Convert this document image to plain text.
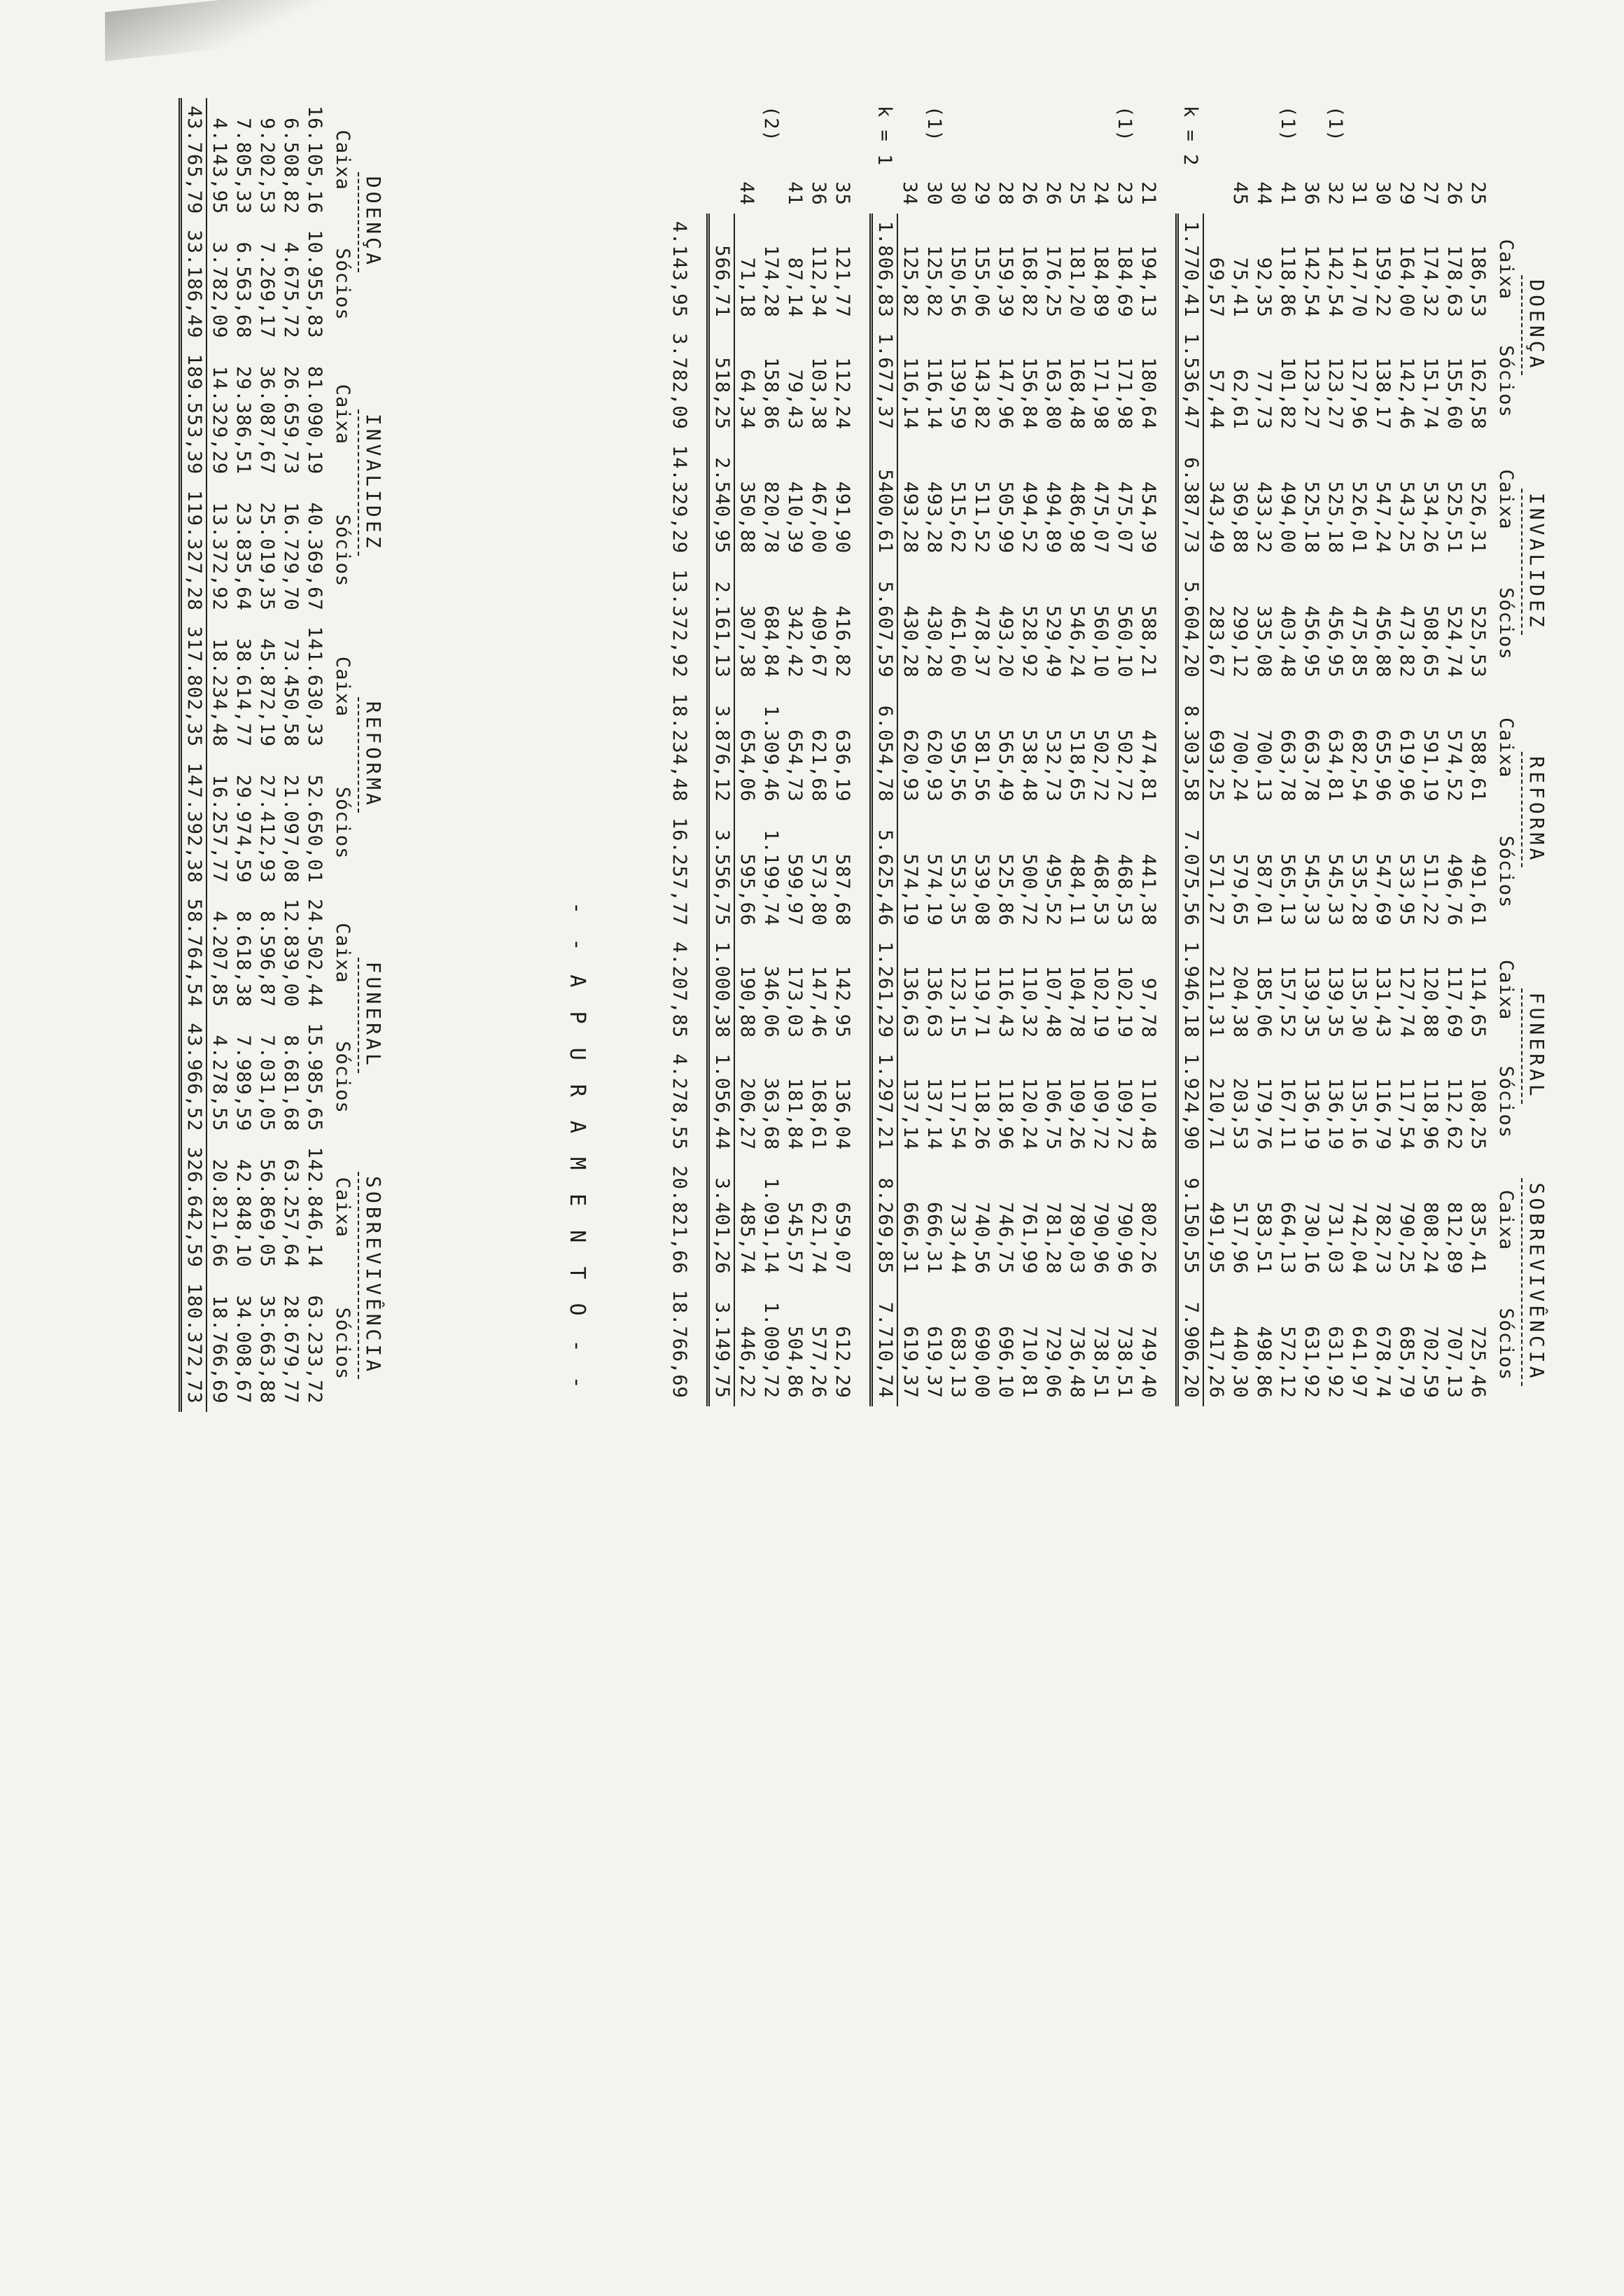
		DOENÇA		INVALIDEZ		REFORMA		FUNERAL		SOBREVIVÊNCIA	
		Caixa	Sócios	Caixa	Sócios	Caixa	Sócios	Caixa	Sócios	Caixa	Sócios
	25	186,53	162,58	526,31	525,53	588,61	491,61	114,65	108,25	835,41	725,46
	26	178,63	155,60	525,51	524,74	574,52	496,76	117,69	112,62	812,89	707,13
	27	174,32	151,74	534,26	508,65	591,19	511,22	120,88	118,96	808,24	702,59
	29	164,00	142,46	543,25	473,82	619,96	533,95	127,74	117,54	790,25	685,79
	30	159,22	138,17	547,24	456,88	655,96	547,69	131,43	116,79	782,73	678,74
	31	147,70	127,96	526,01	475,85	682,54	535,28	135,30	135,16	742,04	641,97
(1)	32	142,54	123,27	525,18	456,95	634,81	545,33	139,35	136,19	731,03	631,92
	36	142,54	123,27	525,18	456,95	663,78	545,33	139,35	136,19	730,16	631,92
(1)	41	118,86	101,82	494,00	403,48	663,78	565,13	157,52	167,11	664,13	572,12
	44	92,35	77,73	433,32	335,08	700,13	587,01	185,06	179,76	583,51	498,86
	45	75,41	62,61	369,88	299,12	700,24	579,65	204,38	203,53	517,96	440,30
		69,57	57,44	343,49	283,67	693,25	571,27	211,31	210,71	491,95	417,26
k = 2		1.770,41	1.536,47	6.387,73	5.604,20	8.303,58	7.075,56	1.946,18	1.924,90	9.150,55	7.906,20

	21	194,13	180,64	454,39	588,21	474,81	441,38	97,78	110,48	802,26	749,40
(1)	23	184,69	171,98	475,07	560,10	502,72	468,53	102,19	109,72	790,96	738,51
	24	184,89	171,98	475,07	560,10	502,72	468,53	102,19	109,72	790,96	738,51
	25	181,20	168,48	486,98	546,24	518,65	484,11	104,78	109,26	789,03	736,48
	26	176,25	163,80	494,89	529,49	532,73	495,52	107,48	106,75	781,28	729,06
	26	168,82	156,84	494,52	528,92	538,48	500,72	110,32	120,24	761,99	710,81
	28	159,39	147,96	505,99	493,20	565,49	525,86	116,43	118,96	746,75	696,10
	29	155,06	143,82	511,52	478,37	581,56	539,08	119,71	118,26	740,56	690,00
	30	150,56	139,59	515,62	461,60	595,56	553,35	123,15	117,54	733,44	683,13
(1)	30	125,82	116,14	493,28	430,28	620,93	574,19	136,63	137,14	666,31	619,37
	34	125,82	116,14	493,28	430,28	620,93	574,19	136,63	137,14	666,31	619,37
k = 1		1.806,83	1.677,37	5400,61	5.607,59	6.054,78	5.625,46	1.261,29	1.297,21	8.269,85	7.710,74

	35	121,77	112,24	491,90	416,82	636,19	587,68	142,95	136,04	659,07	612,29
	36	112,34	103,38	467,00	409,67	621,68	573,80	147,46	168,61	621,74	577,26
	41	87,14	79,43	410,39	342,42	654,73	599,97	173,03	181,84	545,57	504,86
(2)		174,28	158,86	820,78	684,84	1.309,46	1.199,74	346,06	363,68	1.091,14	1.009,72
	44	71,18	64,34	350,88	307,38	654,06	595,66	190,88	206,27	485,74	446,22
		566,71	518,25	2.540,95	2.161,13	3.876,12	3.556,75	1.000,38	1.056,44	3.401,26	3.149,75

		4.143,95	3.782,09	14.329,29	13.372,92	18.234,48	16.257,77	4.207,85	4.278,55	20.821,66	18.766,69
- - A P U R A M E N T O - -
DOENÇA		INVALIDEZ		REFORMA		FUNERAL		SOBREVIVÊNCIA	
Caixa	Sócios	Caixa	Sócios	Caixa	Sócios	Caixa	Sócios	Caixa	Sócios
16.105,16	10.955,83	81.090,19	40.369,67	141.630,33	52.650,01	24.502,44	15.985,65	142.846,14	63.233,72
6.508,82	4.675,72	26.659,73	16.729,70	73.450,58	21.097,08	12.839,00	8.681,68	63.257,64	28.679,77
9.202,53	7.269,17	36.087,67	25.019,35	45.872,19	27.412,93	8.596,87	7.031,05	56.869,05	35.663,88
7.805,33	6.563,68	29.386,51	23.835,64	38.614,77	29.974,59	8.618,38	7.989,59	42.848,10	34.008,67
4.143,95	3.782,09	14.329,29	13.372,92	18.234,48	16.257,77	4.207,85	4.278,55	20.821,66	18.766,69
43.765,79	33.186,49	189.553,39	119.327,28	317.802,35	147.392,38	58.764,54	43.966,52	326.642,59	180.372,73
